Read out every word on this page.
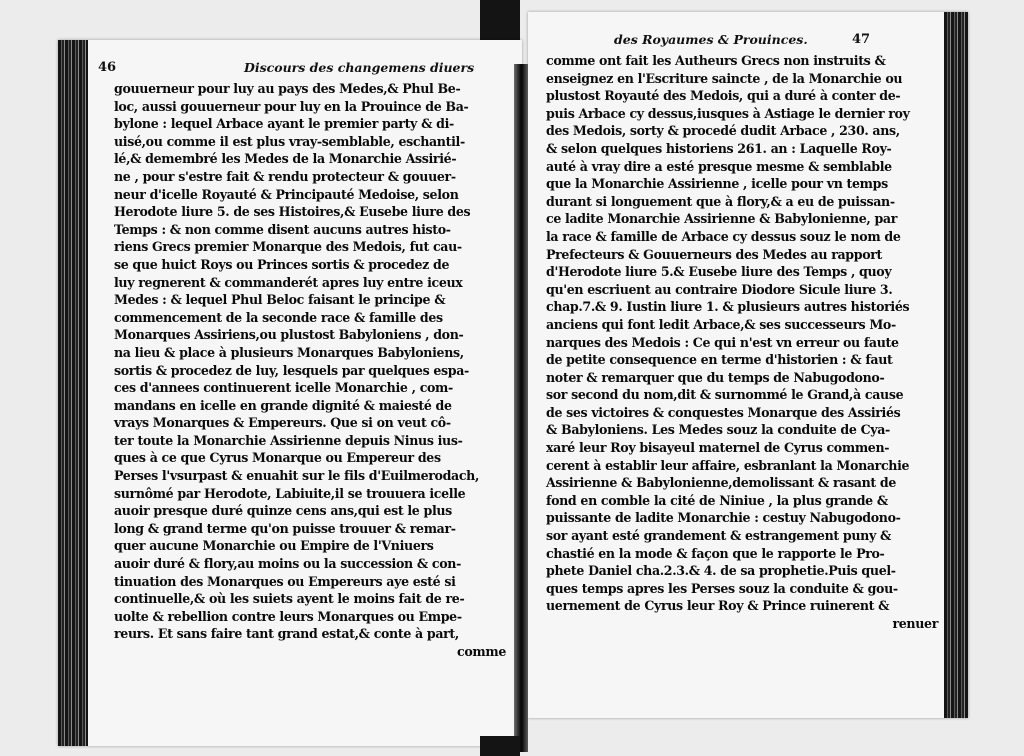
46	Discours des changemens diuers
gouuerneur pour luy au pays des Medes,& Phul Be-
loc, aussi gouuerneur pour luy en la Prouince de Ba-
bylone : lequel Arbace ayant le premier party & di-
uisé,ou comme il est plus vray-semblable, eschantil-
lé,& demembré les Medes de la Monarchie Assirié-
ne , pour s'estre fait & rendu protecteur & gouuer-
neur d'icelle Royauté & Principauté Medoise, selon
Herodote liure 5. de ses Histoires,& Eusebe liure des
Temps : & non comme disent aucuns autres histo-
riens Grecs premier Monarque des Medois, fut cau-
se que huict Roys ou Princes sortis & procedez de
luy regnerent & commanderét apres luy entre iceux
Medes : & lequel Phul Beloc faisant le principe &
commencement de la seconde race & famille des
Monarques Assiriens,ou plustost Babyloniens , don-
na lieu & place à plusieurs Monarques Babyloniens,
sortis & procedez de luy, lesquels par quelques espa-
ces d'annees continuerent icelle Monarchie , com-
mandans en icelle en grande dignité & maiesté de
vrays Monarques & Empereurs. Que si on veut cô-
ter toute la Monarchie Assirienne depuis Ninus ius-
ques à ce que Cyrus Monarque ou Empereur des
Perses l'vsurpast & enuahit sur le fils d'Euilmerodach,
surnômé par Herodote, Labiuite,il se trouuera icelle
auoir presque duré quinze cens ans,qui est le plus
long & grand terme qu'on puisse trouuer & remar-
quer aucune Monarchie ou Empire de l'Vniuers
auoir duré & flory,au moins ou la succession & con-
tinuation des Monarques ou Empereurs aye esté si
continuelle,& où les suiets ayent le moins fait de re-
uolte & rebellion contre leurs Monarques ou Empe-
reurs. Et sans faire tant grand estat,& conte à part,
comme
des Royaumes & Prouinces.	47
comme ont fait les Autheurs Grecs non instruits &
enseignez en l'Escriture saincte , de la Monarchie ou
plustost Royauté des Medois, qui a duré à conter de-
puis Arbace cy dessus,iusques à Astiage le dernier roy
des Medois, sorty & procedé dudit Arbace , 230. ans,
& selon quelques historiens 261. an : Laquelle Roy-
auté à vray dire a esté presque mesme & semblable
que la Monarchie Assirienne , icelle pour vn temps
durant si longuement que à flory,& a eu de puissan-
ce ladite Monarchie Assirienne & Babylonienne, par
la race & famille de Arbace cy dessus souz le nom de
Prefecteurs & Gouuerneurs des Medes au rapport
d'Herodote liure 5.& Eusebe liure des Temps , quoy
qu'en escriuent au contraire Diodore Sicule liure 3.
chap.7.& 9. Iustin liure 1. & plusieurs autres historiés
anciens qui font ledit Arbace,& ses successeurs Mo-
narques des Medois : Ce qui n'est vn erreur ou faute
de petite consequence en terme d'historien : & faut
noter & remarquer que du temps de Nabugodono-
sor second du nom,dit & surnommé le Grand,à cause
de ses victoires & conquestes Monarque des Assiriés
& Babyloniens. Les Medes souz la conduite de Cya-
xaré leur Roy bisayeul maternel de Cyrus commen-
cerent à establir leur affaire, esbranlant la Monarchie
Assirienne & Babylonienne,demolissant & rasant de
fond en comble la cité de Niniue , la plus grande &
puissante de ladite Monarchie : cestuy Nabugodono-
sor ayant esté grandement & estrangement puny &
chastié en la mode & façon que le rapporte le Pro-
phete Daniel cha.2.3.& 4. de sa prophetie.Puis quel-
ques temps apres les Perses souz la conduite & gou-
uernement de Cyrus leur Roy & Prince ruinerent &
renuer
